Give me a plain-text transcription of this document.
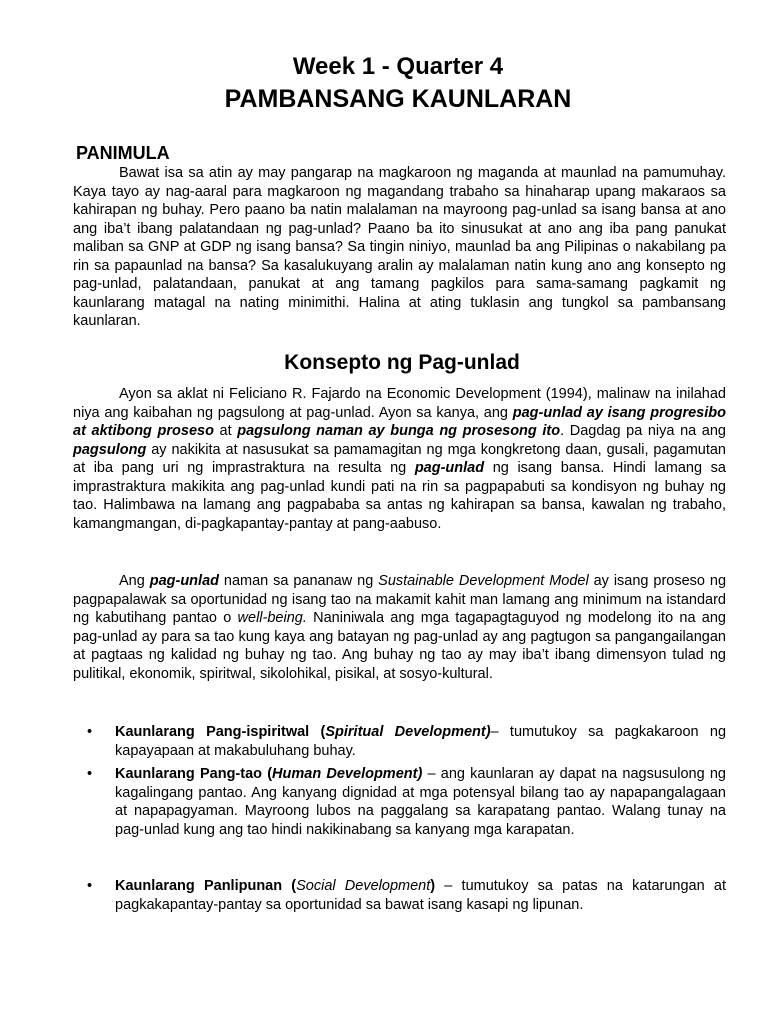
Week 1 - Quarter 4
PAMBANSANG KAUNLARAN
PANIMULA

Bawat isa sa atin ay may pangarap na magkaroon ng maganda at maunlad na pamumuhay. Kaya tayo ay nag-aaral para magkaroon ng magandang trabaho sa hinaharap upang makaraos sa kahirapan ng buhay. Pero paano ba natin malalaman na mayroong pag-unlad sa isang bansa at ano ang iba’t ibang palatandaan ng pag-unlad? Paano ba ito sinusukat at ano ang iba pang panukat maliban sa GNP at GDP ng isang bansa? Sa tingin niniyo, maunlad ba ang Pilipinas o nakabilang pa rin sa papaunlad na bansa? Sa kasalukuyang aralin ay malalaman natin kung ano ang konsepto ng pag-unlad, palatandaan, panukat at ang tamang pagkilos para sama-samang pagkamit ng kaunlarang matagal na nating minimithi. Halina at ating tuklasin ang tungkol sa pambansang kaunlaran.

Konsepto ng Pag-unlad

Ayon sa aklat ni Feliciano R. Fajardo na Economic Development (1994), malinaw na inilahad niya ang kaibahan ng pagsulong at pag-unlad. Ayon sa kanya, ang pag-unlad ay isang progresibo at aktibong proseso at pagsulong naman ay bunga ng prosesong ito. Dagdag pa niya na ang pagsulong ay nakikita at nasusukat sa pamamagitan ng mga kongkretong daan, gusali, pagamutan at iba pang uri ng imprastraktura na resulta ng pag-unlad ng isang bansa. Hindi lamang sa imprastraktura makikita ang pag-unlad kundi pati na rin sa pagpapabuti sa kondisyon ng buhay ng tao. Halimbawa na lamang ang pagpababa sa antas ng kahirapan sa bansa, kawalan ng trabaho, kamangmangan, di-pagkapantay-pantay at pang-aabuso.

Ang pag-unlad naman sa pananaw ng Sustainable Development Model ay isang proseso ng pagpapalawak sa oportunidad ng isang tao na makamit kahit man lamang ang minimum na istandard ng kabutihang pantao o well-being. Naniniwala ang mga tagapagtaguyod ng modelong ito na ang pag-unlad ay para sa tao kung kaya ang batayan ng pag-unlad ay ang pagtugon sa pangangailangan at pagtaas ng kalidad ng buhay ng tao. Ang buhay ng tao ay may iba’t ibang dimensyon tulad ng pulitikal, ekonomik, spiritwal, sikolohikal, pisikal, at sosyo-kultural.

• Kaunlarang Pang-ispiritwal (Spiritual Development)– tumutukoy sa pagkakaroon ng kapayapaan at makabuluhang buhay.
• Kaunlarang Pang-tao (Human Development) – ang kaunlaran ay dapat na nagsusulong ng kagalingang pantao. Ang kanyang dignidad at mga potensyal bilang tao ay napapangalagaan at napapagyaman. Mayroong lubos na paggalang sa karapatang pantao. Walang tunay na pag-unlad kung ang tao hindi nakikinabang sa kanyang mga karapatan.
• Kaunlarang Panlipunan (Social Development) – tumutukoy sa patas na katarungan at pagkakapantay-pantay sa oportunidad sa bawat isang kasapi ng lipunan.
